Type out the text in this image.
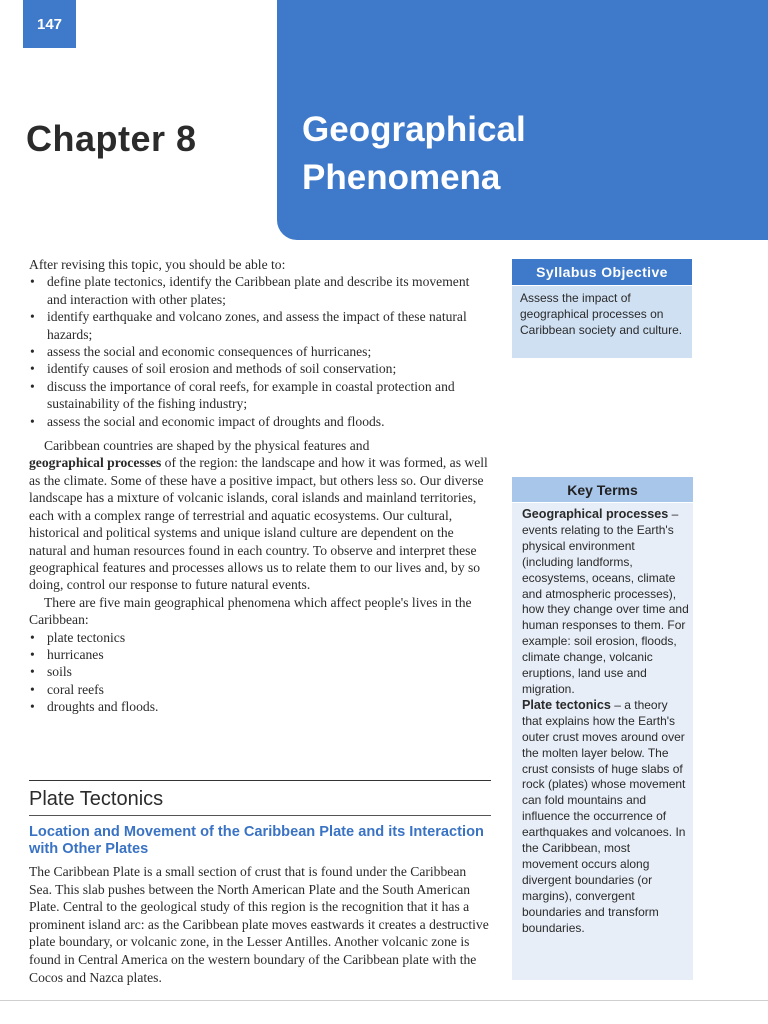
147
Chapter 8	Geographical
Phenomena

After revising this topic, you should be able to:

• define plate tectonics, identify the Caribbean plate and describe its movement and interaction with other plates;
• identify earthquake and volcano zones, and assess the impact of these natural hazards;
• assess the social and economic consequences of hurricanes;
• identify causes of soil erosion and methods of soil conservation;
• discuss the importance of coral reefs, for example in coastal protection and sustainability of the fishing industry;
• assess the social and economic impact of droughts and floods.

Caribbean countries are shaped by the physical features and
geographical processes of the region: the landscape and how it was formed, as well as the climate. Some of these have a positive impact, but others less so. Our diverse landscape has a mixture of volcanic islands, coral islands and mainland territories, each with a complex range of terrestrial and aquatic ecosystems. Our cultural, historical and political systems and unique island culture are dependent on the natural and human resources found in each country. To observe and interpret these geographical features and processes allows us to relate them to our lives and, by so doing, control our response to future natural events.

There are five main geographical phenomena which affect people's lives in the Caribbean:

• plate tectonics
• hurricanes
• soils
• coral reefs
• droughts and floods.
Plate Tectonics
Location and Movement of the Caribbean Plate and its Interaction with Other Plates

The Caribbean Plate is a small section of crust that is found under the Caribbean Sea. This slab pushes between the North American Plate and the South American Plate. Central to the geological study of this region is the recognition that it has a prominent island arc: as the Caribbean plate moves eastwards it creates a destructive plate boundary, or volcanic zone, in the Lesser Antilles. Another volcanic zone is found in Central America on the western boundary of the Caribbean plate with the Cocos and Nazca plates.

Syllabus Objective
Assess the impact of geographical processes on Caribbean society and culture.
Key Terms

Geographical processes – events relating to the Earth's physical environment (including landforms, ecosystems, oceans, climate and atmospheric processes), how they change over time and human responses to them. For example: soil erosion, floods, climate change, volcanic eruptions, land use and migration.

Plate tectonics – a theory that explains how the Earth's outer crust moves around over the molten layer below. The crust consists of huge slabs of rock (plates) whose movement can fold mountains and influence the occurrence of earthquakes and volcanoes. In the Caribbean, most movement occurs along divergent boundaries (or margins), convergent boundaries and transform boundaries.
